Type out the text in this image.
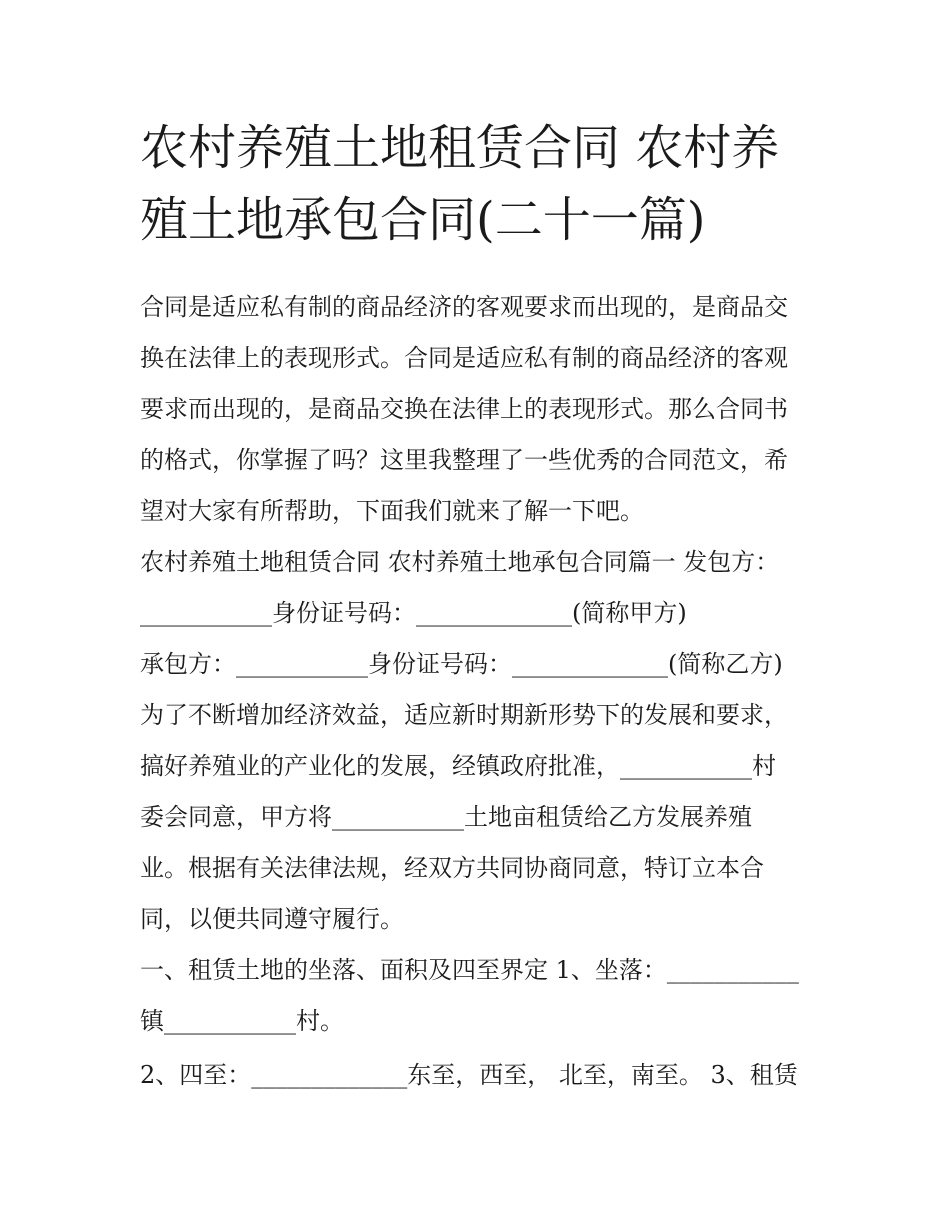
农村养殖土地租赁合同 农村养
殖土地承包合同(二十一篇)
合同是适应私有制的商品经济的客观要求而出现的，是商品交
换在法律上的表现形式。合同是适应私有制的商品经济的客观
要求而出现的，是商品交换在法律上的表现形式。那么合同书
的格式，你掌握了吗？这里我整理了一些优秀的合同范文，希
望对大家有所帮助，下面我们就来了解一下吧。
农村养殖土地租赁合同 农村养殖土地承包合同篇一 发包方：
___________身份证号码：_____________(简称甲方)
承包方：___________身份证号码：_____________(简称乙方)
为了不断增加经济效益，适应新时期新形势下的发展和要求，
搞好养殖业的产业化的发展，经镇政府批准，___________村
委会同意，甲方将___________土地亩租赁给乙方发展养殖
业。根据有关法律法规，经双方共同协商同意，特订立本合
同，以便共同遵守履行。
一、租赁土地的坐落、面积及四至界定 1、坐落：___________
镇___________村。
2、四至：_____________东至，西至， 北至，南至。 3、租赁
